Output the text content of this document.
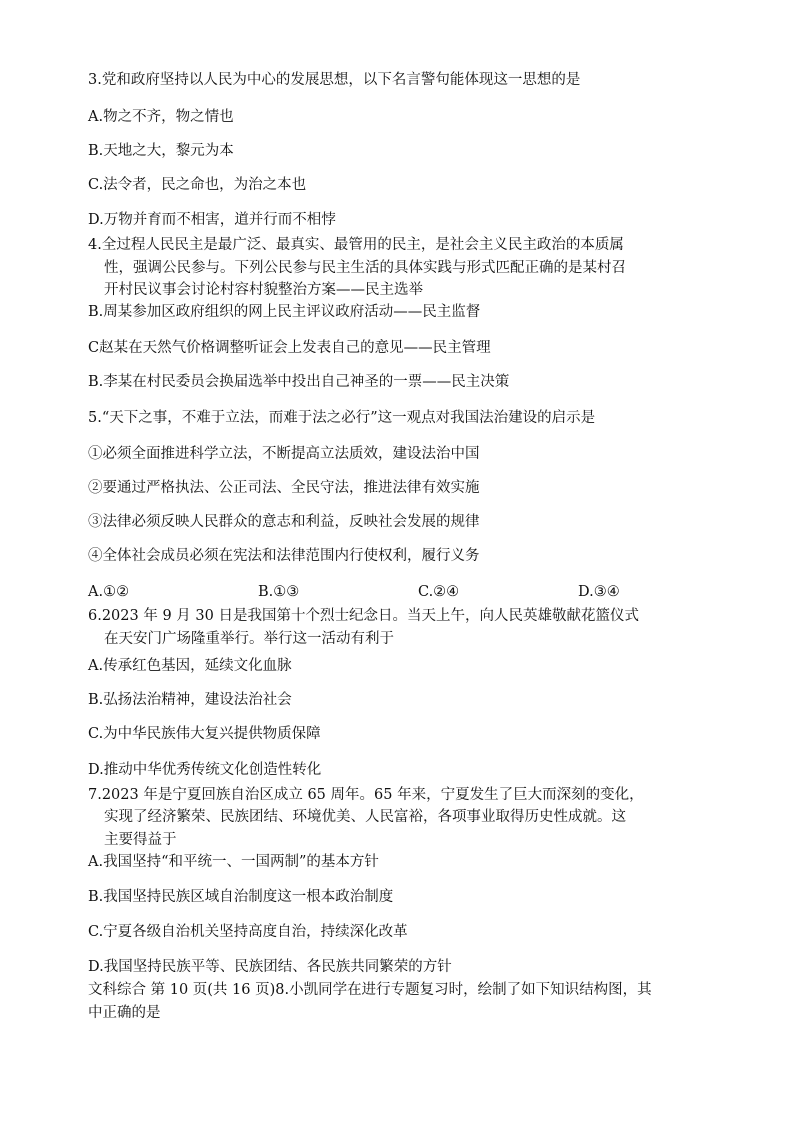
3.党和政府坚持以人民为中心的发展思想，以下名言警句能体现这一思想的是
A.物之不齐，物之情也
B.天地之大，黎元为本
C.法令者，民之命也，为治之本也
D.万物并育而不相害，道并行而不相悖
4.全过程人民民主是最广泛、最真实、最管用的民主，是社会主义民主政治的本质属
性，强调公民参与。下列公民参与民主生活的具体实践与形式匹配正确的是某村召
开村民议事会讨论村容村貌整治方案——民主选举
B.周某参加区政府组织的网上民主评议政府活动——民主监督
C赵某在天然气价格调整听证会上发表自己的意见——民主管理
B.李某在村民委员会换届选举中投出自己神圣的一票——民主决策
5.“天下之事，不难于立法，而难于法之必行”这一观点对我国法治建设的启示是
①必须全面推进科学立法，不断提高立法质效，建设法治中国
②要通过严格执法、公正司法、全民守法，推进法律有效实施
③法律必须反映人民群众的意志和利益，反映社会发展的规律
④全体社会成员必须在宪法和法律范围内行使权利，履行义务
A.①②	B.①③	C.②④	D.③④
6.2023 年 9 月 30 日是我国第十个烈士纪念日。当天上午，向人民英雄敬献花篮仪式
在天安门广场隆重举行。举行这一活动有利于
A.传承红色基因，延续文化血脉
B.弘扬法治精神，建设法治社会
C.为中华民族伟大复兴提供物质保障
D.推动中华优秀传统文化创造性转化
7.2023 年是宁夏回族自治区成立 65 周年。65 年来，宁夏发生了巨大而深刻的变化，
实现了经济繁荣、民族团结、环境优美、人民富裕，各项事业取得历史性成就。这
主要得益于
A.我国坚持“和平统一、一国两制”的基本方针
B.我国坚持民族区域自治制度这一根本政治制度
C.宁夏各级自治机关坚持高度自治，持续深化改革
D.我国坚持民族平等、民族团结、各民族共同繁荣的方针
文科综合 第 10 页(共 16 页)8.小凯同学在进行专题复习时，绘制了如下知识结构图，其
中正确的是
